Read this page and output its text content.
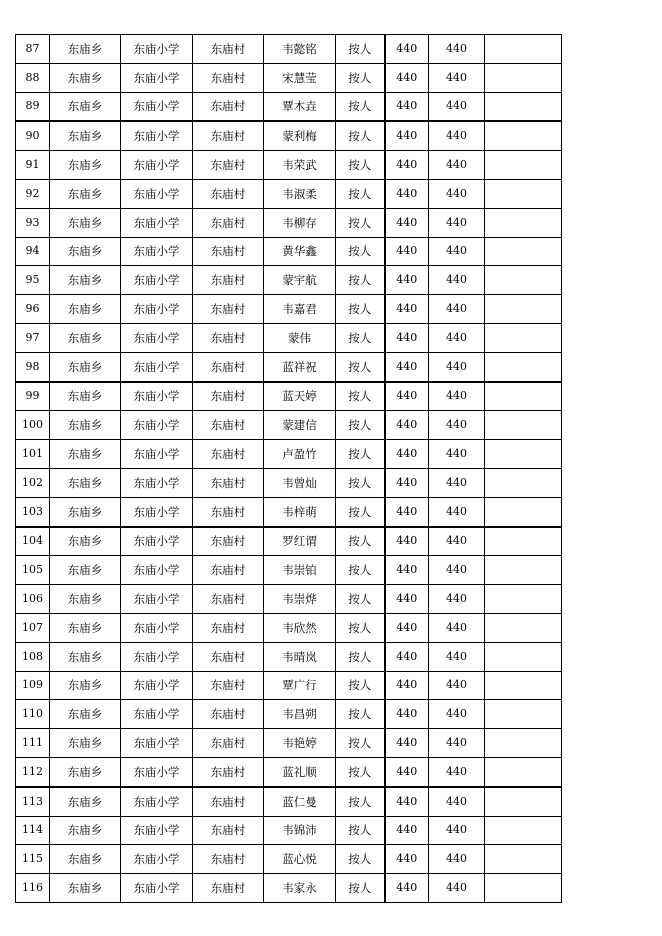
87	东庙乡	东庙小学	东庙村	韦懿铭	按人	440	440	
88	东庙乡	东庙小学	东庙村	宋慧莹	按人	440	440	
89	东庙乡	东庙小学	东庙村	覃木垚	按人	440	440	
90	东庙乡	东庙小学	东庙村	蒙利梅	按人	440	440	
91	东庙乡	东庙小学	东庙村	韦荣武	按人	440	440	
92	东庙乡	东庙小学	东庙村	韦淑柔	按人	440	440	
93	东庙乡	东庙小学	东庙村	韦柳存	按人	440	440	
94	东庙乡	东庙小学	东庙村	黄华鑫	按人	440	440	
95	东庙乡	东庙小学	东庙村	蒙宇航	按人	440	440	
96	东庙乡	东庙小学	东庙村	韦嘉君	按人	440	440	
97	东庙乡	东庙小学	东庙村	蒙伟	按人	440	440	
98	东庙乡	东庙小学	东庙村	蓝祥祝	按人	440	440	
99	东庙乡	东庙小学	东庙村	蓝天婷	按人	440	440	
100	东庙乡	东庙小学	东庙村	蒙建信	按人	440	440	
101	东庙乡	东庙小学	东庙村	卢盈竹	按人	440	440	
102	东庙乡	东庙小学	东庙村	韦曾灿	按人	440	440	
103	东庙乡	东庙小学	东庙村	韦梓萌	按人	440	440	
104	东庙乡	东庙小学	东庙村	罗红谓	按人	440	440	
105	东庙乡	东庙小学	东庙村	韦崇铂	按人	440	440	
106	东庙乡	东庙小学	东庙村	韦崇烨	按人	440	440	
107	东庙乡	东庙小学	东庙村	韦欣然	按人	440	440	
108	东庙乡	东庙小学	东庙村	韦晴岚	按人	440	440	
109	东庙乡	东庙小学	东庙村	覃广行	按人	440	440	
110	东庙乡	东庙小学	东庙村	韦昌朔	按人	440	440	
111	东庙乡	东庙小学	东庙村	韦艳婷	按人	440	440	
112	东庙乡	东庙小学	东庙村	蓝礼顺	按人	440	440	
113	东庙乡	东庙小学	东庙村	蓝仁曼	按人	440	440	
114	东庙乡	东庙小学	东庙村	韦锦沛	按人	440	440	
115	东庙乡	东庙小学	东庙村	蓝心悦	按人	440	440	
116	东庙乡	东庙小学	东庙村	韦家永	按人	440	440	
